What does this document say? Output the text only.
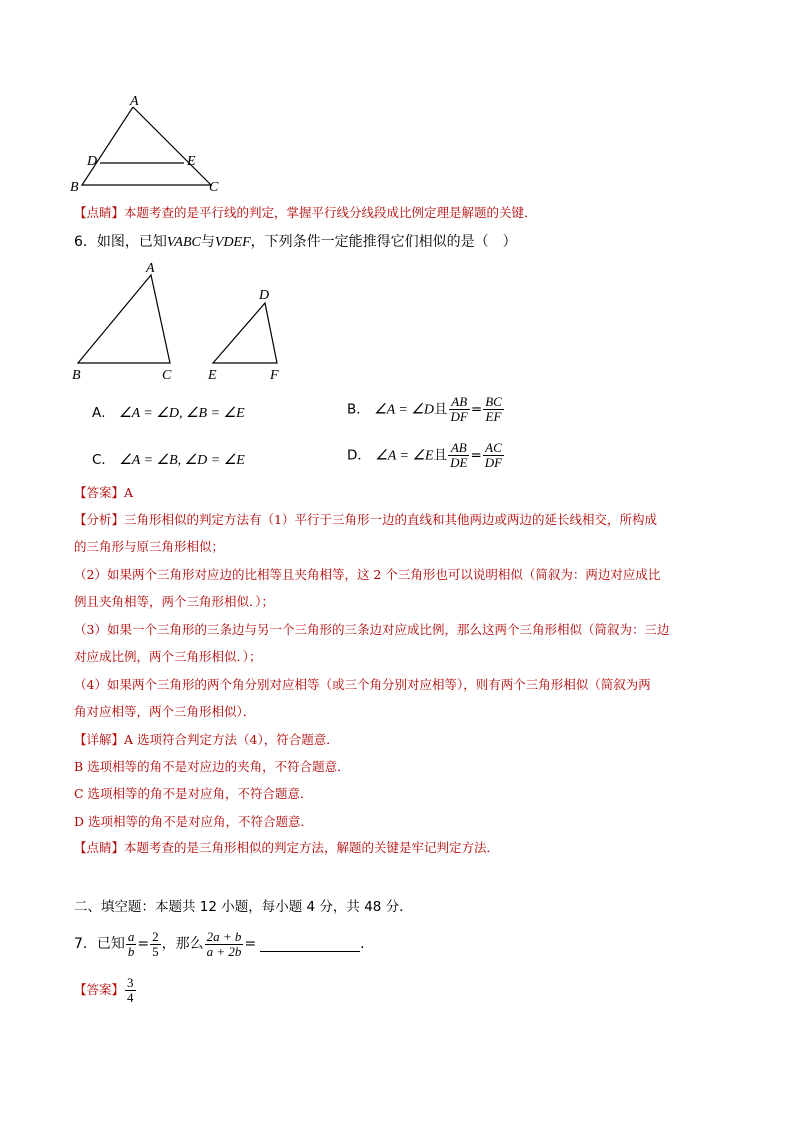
A
D	E
B	C
【点睛】本题考查的是平行线的判定，掌握平行线分线段成比例定理是解题的关键．
6．如图，已知VABC与VDEF，下列条件一定能推得它们相似的是（　）
A
B	C
D
E	F
A． ∠A = ∠D, ∠B = ∠E	B． ∠A = ∠D且 $\frac{AB}{DF} = \frac{BC}{EF}$
C． ∠A = ∠B, ∠D = ∠E	D． ∠A = ∠E且 $\frac{AB}{DE} = \frac{AC}{DF}$
【答案】A
【分析】三角形相似的判定方法有（1）平行于三角形一边的直线和其他两边或两边的延长线相交，所构成
的三角形与原三角形相似；
（2）如果两个三角形对应边的比相等且夹角相等，这 2 个三角形也可以说明相似（简叙为：两边对应成比
例且夹角相等，两个三角形相似．）；
（3）如果一个三角形的三条边与另一个三角形的三条边对应成比例，那么这两个三角形相似（简叙为：三边
对应成比例，两个三角形相似．）；
（4）如果两个三角形的两个角分别对应相等（或三个角分别对应相等），则有两个三角形相似（简叙为两
角对应相等，两个三角形相似）．
【详解】A 选项符合判定方法（4），符合题意．
B 选项相等的角不是对应边的夹角，不符合题意．
C 选项相等的角不是对应角，不符合题意．
D 选项相等的角不是对应角，不符合题意．
【点睛】本题考查的是三角形相似的判定方法，解题的关键是牢记判定方法．
二、填空题：本题共 12 小题，每小题 4 分，共 48 分．
7．已知 $\frac{a}{b} = \frac{2}{5}$ ，那么 $\frac{2a + b}{a + 2b}$ =	．
【答案】 $\frac{3}{4}$
